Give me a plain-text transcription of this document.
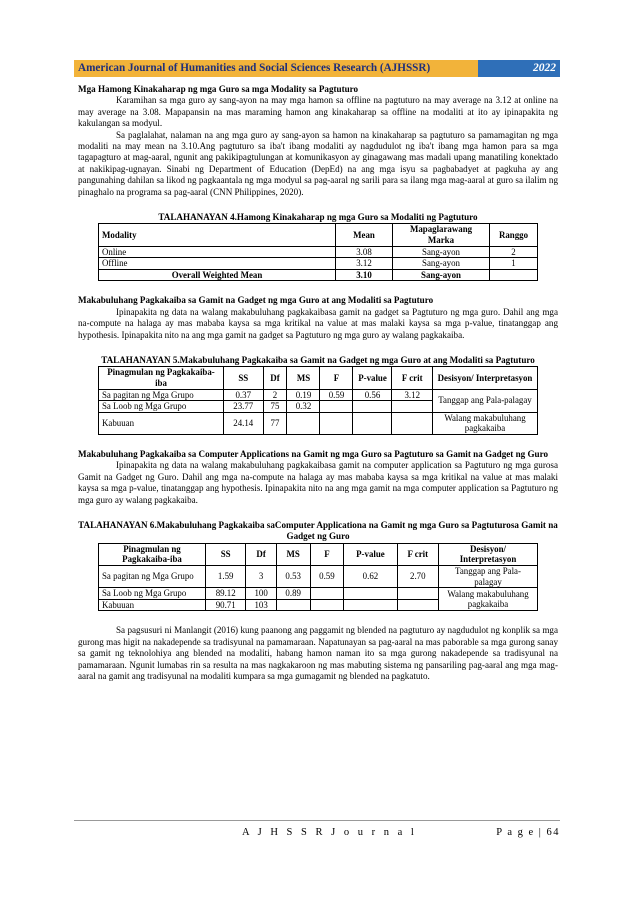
American Journal of Humanities and Social Sciences Research (AJHSSR)	2022

Mga Hamong Kinakaharap ng mga Guro sa mga Modality sa Pagtuturo

Karamihan sa mga guro ay sang-ayon na may mga hamon sa offline na pagtuturo na may average na 3.12 at online na may average na 3.08. Mapapansin na mas maraming hamon ang kinakaharap sa offline na modaliti at ito ay ipinapakita ng kakulangan sa modyul.

Sa paglalahat, nalaman na ang mga guro ay sang-ayon sa hamon na kinakaharap sa pagtuturo sa pamamagitan ng mga modaliti na may mean na 3.10.Ang pagtuturo sa iba't ibang modaliti ay nagdudulot ng iba't ibang mga hamon para sa mga tagapagturo at mag-aaral, ngunit ang pakikipagtulungan at komunikasyon ay ginagawang mas madali upang manatiling konektado at nakikipag-ugnayan. Sinabi ng Department of Education (DepEd) na ang mga isyu sa pagbabadyet at pagkuha ay ang pangunahing dahilan sa likod ng pagkaantala ng mga modyul sa pag-aaral ng sarili para sa ilang mga mag-aaral at guro sa ilalim ng pinaghalo na programa sa pag-aaral (CNN Philippines, 2020).

TALAHANAYAN 4.Hamong Kinakaharap ng mga Guro sa Modaliti ng Pagtuturo

Modality	Mean	Mapaglarawang Marka	Ranggo
Online	3.08	Sang-ayon	2
Offline	3.12	Sang-ayon	1
Overall Weighted Mean	3.10	Sang-ayon	

Makabuluhang Pagkakaiba sa Gamit na Gadget ng mga Guro at ang Modaliti sa Pagtuturo

Ipinapakita ng data na walang makabuluhang pagkakaibasa gamit na gadget sa Pagtuturo ng mga guro. Dahil ang mga na-compute na halaga ay mas mababa kaysa sa mga kritikal na value at mas malaki kaysa sa mga p-value, tinatanggap ang hypothesis. Ipinapakita nito na ang mga gamit na gadget sa Pagtuturo ng mga guro ay walang pagkakaiba.

TALAHANAYAN 5.Makabuluhang Pagkakaiba sa Gamit na Gadget ng mga Guro at ang Modaliti sa Pagtuturo

Pinagmulan ng Pagkakaiba-iba	SS	Df	MS	F	P-value	F crit	Desisyon/ Interpretasyon
Sa pagitan ng Mga Grupo	0.37	2	0.19	0.59	0.56	3.12	Tanggap ang Pala-palagay
Sa Loob ng Mga Grupo	23.77	75	0.32				
Kabuuan	24.14	77					Walang makabuluhang pagkakaiba

Makabuluhang Pagkakaiba sa Computer Applications na Gamit ng mga Guro sa Pagtuturo sa Gamit na Gadget ng Guro

Ipinapakita ng data na walang makabuluhang pagkakaibasa gamit na computer application sa Pagtuturo ng mga gurosa Gamit na Gadget ng Guro. Dahil ang mga na-compute na halaga ay mas mababa kaysa sa mga kritikal na value at mas malaki kaysa sa mga p-value, tinatanggap ang hypothesis. Ipinapakita nito na ang mga gamit na mga computer application sa Pagtuturo ng mga guro ay walang pagkakaiba.

TALAHANAYAN 6.Makabuluhang Pagkakaiba saComputer Applicationa na Gamit ng mga Guro sa Pagtuturosa Gamit na Gadget ng Guro

Pinagmulan ng Pagkakaiba-iba	SS	Df	MS	F	P-value	F crit	Desisyon/ Interpretasyon
Sa pagitan ng Mga Grupo	1.59	3	0.53	0.59	0.62	2.70	Tanggap ang Pala-palagay
Sa Loob ng Mga Grupo	89.12	100	0.89				Walang makabuluhang pagkakaiba
Kabuuan	90.71	103					

Sa pagsusuri ni Manlangit (2016) kung paanong ang paggamit ng blended na pagtuturo ay nagdudulot ng konplik sa mga gurong mas higit na nakadepende sa tradisyunal na pamamaraan. Napatunayan sa pag-aaral na mas paborable sa mga gurong sanay sa gamit ng teknolohiya ang blended na modaliti, habang hamon naman ito sa mga gurong nakadepende sa tradisyunal na pamamaraan. Ngunit lumabas rin sa resulta na mas nagkakaroon ng mas mabuting sistema ng pansariling pag-aaral ang mga mag-aaral na gamit ang tradisyunal na modaliti kumpara sa mga gumagamit ng blended na pagkatuto.

A J H S S R J o u r n a l	P a g e | 64
